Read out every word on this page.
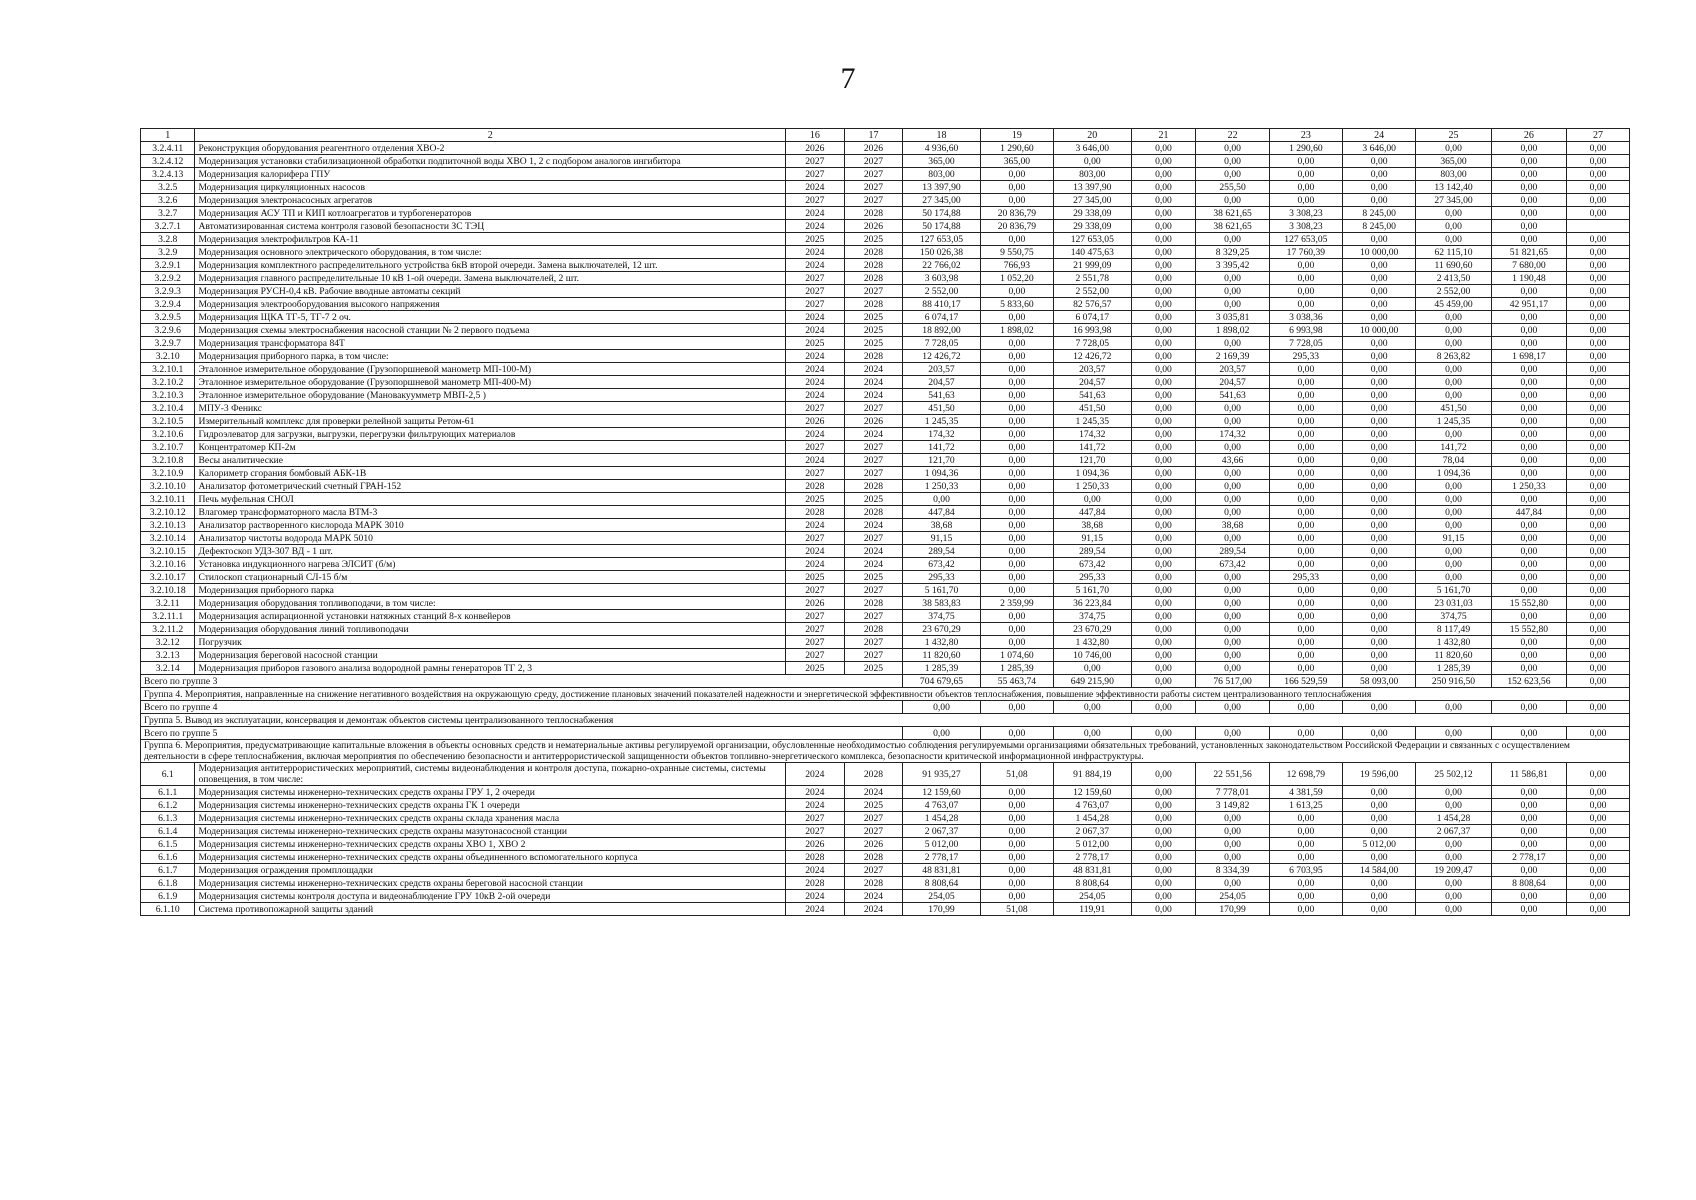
7
1	2	16	17	18	19	20	21	22	23	24	25	26	27
3.2.4.11	Реконструкция оборудования реагентного отделения ХВО-2	2026	2026	4 936,60	1 290,60	3 646,00	0,00	0,00	1 290,60	3 646,00	0,00	0,00	0,00
3.2.4.12	Модернизация установки стабилизационной обработки подпиточной воды ХВО 1, 2 с подбором аналогов ингибитора	2027	2027	365,00	365,00	0,00	0,00	0,00	0,00	0,00	365,00	0,00	0,00
3.2.4.13	Модернизация калорифера ГПУ	2027	2027	803,00	0,00	803,00	0,00	0,00	0,00	0,00	803,00	0,00	0,00
3.2.5	Модернизация циркуляционных насосов	2024	2027	13 397,90	0,00	13 397,90	0,00	255,50	0,00	0,00	13 142,40	0,00	0,00
3.2.6	Модернизация электронасосных агрегатов	2027	2027	27 345,00	0,00	27 345,00	0,00	0,00	0,00	0,00	27 345,00	0,00	0,00
3.2.7	Модернизация АСУ ТП и КИП котлоагрегатов и турбогенераторов	2024	2028	50 174,88	20 836,79	29 338,09	0,00	38 621,65	3 308,23	8 245,00	0,00	0,00	0,00
3.2.7.1	Автоматизированная система контроля газовой безопасности ЗС ТЭЦ	2024	2026	50 174,88	20 836,79	29 338,09	0,00	38 621,65	3 308,23	8 245,00	0,00	0,00	
3.2.8	Модернизация электрофильтров КА-11	2025	2025	127 653,05	0,00	127 653,05	0,00	0,00	127 653,05	0,00	0,00	0,00	0,00
3.2.9	Модернизация основного электрического оборудования, в том числе:	2024	2028	150 026,38	9 550,75	140 475,63	0,00	8 329,25	17 760,39	10 000,00	62 115,10	51 821,65	0,00
3.2.9.1	Модернизация комплектного распределительного устройства 6кВ второй очереди. Замена выключателей, 12 шт.	2024	2028	22 766,02	766,93	21 999,09	0,00	3 395,42	0,00	0,00	11 690,60	7 680,00	0,00
3.2.9.2	Модернизация главного распределительные 10 кВ 1-ой очереди. Замена выключателей, 2 шт.	2027	2028	3 603,98	1 052,20	2 551,78	0,00	0,00	0,00	0,00	2 413,50	1 190,48	0,00
3.2.9.3	Модернизация РУСН-0,4 кВ. Рабочие вводные автоматы секций	2027	2027	2 552,00	0,00	2 552,00	0,00	0,00	0,00	0,00	2 552,00	0,00	0,00
3.2.9.4	Модернизация электрооборудования высокого напряжения	2027	2028	88 410,17	5 833,60	82 576,57	0,00	0,00	0,00	0,00	45 459,00	42 951,17	0,00
3.2.9.5	Модернизация ЩКА ТГ-5, ТГ-7 2 оч.	2024	2025	6 074,17	0,00	6 074,17	0,00	3 035,81	3 038,36	0,00	0,00	0,00	0,00
3.2.9.6	Модернизация схемы электроснабжения насосной станции № 2 первого подъема	2024	2025	18 892,00	1 898,02	16 993,98	0,00	1 898,02	6 993,98	10 000,00	0,00	0,00	0,00
3.2.9.7	Модернизация трансформатора 84Т	2025	2025	7 728,05	0,00	7 728,05	0,00	0,00	7 728,05	0,00	0,00	0,00	0,00
3.2.10	Модернизация приборного парка, в том числе:	2024	2028	12 426,72	0,00	12 426,72	0,00	2 169,39	295,33	0,00	8 263,82	1 698,17	0,00
3.2.10.1	Эталонное измерительное оборудование (Грузопоршневой манометр МП-100-М)	2024	2024	203,57	0,00	203,57	0,00	203,57	0,00	0,00	0,00	0,00	0,00
3.2.10.2	Эталонное измерительное оборудование (Грузопоршневой манометр МП-400-М)	2024	2024	204,57	0,00	204,57	0,00	204,57	0,00	0,00	0,00	0,00	0,00
3.2.10.3	Эталонное измерительное оборудование (Мановакуумметр МВП-2,5 )	2024	2024	541,63	0,00	541,63	0,00	541,63	0,00	0,00	0,00	0,00	0,00
3.2.10.4	МПУ-3 Феникс	2027	2027	451,50	0,00	451,50	0,00	0,00	0,00	0,00	451,50	0,00	0,00
3.2.10.5	Измерительный комплекс для проверки релейной защиты Ретом-61	2026	2026	1 245,35	0,00	1 245,35	0,00	0,00	0,00	0,00	1 245,35	0,00	0,00
3.2.10.6	Гидроэлеватор для загрузки, выгрузки, перегрузки фильтрующих материалов	2024	2024	174,32	0,00	174,32	0,00	174,32	0,00	0,00	0,00	0,00	0,00
3.2.10.7	Концентратомер КП-2м	2027	2027	141,72	0,00	141,72	0,00	0,00	0,00	0,00	141,72	0,00	0,00
3.2.10.8	Весы аналитические	2024	2027	121,70	0,00	121,70	0,00	43,66	0,00	0,00	78,04	0,00	0,00
3.2.10.9	Калориметр сгорания бомбовый АБК-1В	2027	2027	1 094,36	0,00	1 094,36	0,00	0,00	0,00	0,00	1 094,36	0,00	0,00
3.2.10.10	Анализатор фотометрический счетный ГРАН-152	2028	2028	1 250,33	0,00	1 250,33	0,00	0,00	0,00	0,00	0,00	1 250,33	0,00
3.2.10.11	Печь муфельная СНОЛ	2025	2025	0,00	0,00	0,00	0,00	0,00	0,00	0,00	0,00	0,00	0,00
3.2.10.12	Влагомер трансформаторного масла ВТМ-3	2028	2028	447,84	0,00	447,84	0,00	0,00	0,00	0,00	0,00	447,84	0,00
3.2.10.13	Анализатор растворенного кислорода МАРК 3010	2024	2024	38,68	0,00	38,68	0,00	38,68	0,00	0,00	0,00	0,00	0,00
3.2.10.14	Анализатор чистоты водорода МАРК 5010	2027	2027	91,15	0,00	91,15	0,00	0,00	0,00	0,00	91,15	0,00	0,00
3.2.10.15	Дефектоскоп УДЗ-307 ВД - 1 шт.	2024	2024	289,54	0,00	289,54	0,00	289,54	0,00	0,00	0,00	0,00	0,00
3.2.10.16	Установка индукционного нагрева ЭЛСИТ (б/м)	2024	2024	673,42	0,00	673,42	0,00	673,42	0,00	0,00	0,00	0,00	0,00
3.2.10.17	Стилоскоп стационарный СЛ-15 б/м	2025	2025	295,33	0,00	295,33	0,00	0,00	295,33	0,00	0,00	0,00	0,00
3.2.10.18	Модернизация приборного парка	2027	2027	5 161,70	0,00	5 161,70	0,00	0,00	0,00	0,00	5 161,70	0,00	0,00
3.2.11	Модернизация оборудования топливоподачи, в том числе:	2026	2028	38 583,83	2 359,99	36 223,84	0,00	0,00	0,00	0,00	23 031,03	15 552,80	0,00
3.2.11.1	Модернизация аспирационной установки натяжных станций 8-х конвейеров	2027	2027	374,75	0,00	374,75	0,00	0,00	0,00	0,00	374,75	0,00	0,00
3.2.11.2	Модернизация оборудования линий топливоподачи	2027	2028	23 670,29	0,00	23 670,29	0,00	0,00	0,00	0,00	8 117,49	15 552,80	0,00
3.2.12	Погрузчик	2027	2027	1 432,80	0,00	1 432,80	0,00	0,00	0,00	0,00	1 432,80	0,00	0,00
3.2.13	Модернизация береговой насосной станции	2027	2027	11 820,60	1 074,60	10 746,00	0,00	0,00	0,00	0,00	11 820,60	0,00	0,00
3.2.14	Модернизация приборов газового анализа водородной рамны генераторов ТГ 2, 3	2025	2025	1 285,39	1 285,39	0,00	0,00	0,00	0,00	0,00	1 285,39	0,00	0,00
Всего по группе 3				704 679,65	55 463,74	649 215,90	0,00	76 517,00	166 529,59	58 093,00	250 916,50	152 623,56	0,00
Группа 4. Мероприятия, направленные на снижение негативного воздействия на окружающую среду, достижение плановых значений показателей надежности и энергетической эффективности объектов теплоснабжения, повышение эффективности работы систем централизованного теплоснабжения													
Всего по группе 4				0,00	0,00	0,00	0,00	0,00	0,00	0,00	0,00	0,00	0,00
Группа 5. Вывод из эксплуатации, консервация и демонтаж объектов системы централизованного теплоснабжения													
Всего по группе 5				0,00	0,00	0,00	0,00	0,00	0,00	0,00	0,00	0,00	0,00
Группа 6. Мероприятия, предусматривающие капитальные вложения в объекты основных средств и нематериальные активы регулируемой организации, обусловленные необходимостью соблюдения регулируемыми организациями обязательных требований, установленных законодательством Российской Федерации и связанных с осуществлением деятельности в сфере теплоснабжения, включая мероприятия по обеспечению безопасности и антитеррористической защищенности объектов топливно-энергетического комплекса, безопасности критической информационной инфраструктуры.													
6.1	Модернизация антитеррористических мероприятий, системы видеонаблюдения и контроля доступа, пожарно-охранные системы, системы оповещения, в том числе:	2024	2028	91 935,27	51,08	91 884,19	0,00	22 551,56	12 698,79	19 596,00	25 502,12	11 586,81	0,00
6.1.1	Модернизация системы инженерно-технических средств охраны ГРУ 1, 2 очереди	2024	2024	12 159,60	0,00	12 159,60	0,00	7 778,01	4 381,59	0,00	0,00	0,00	0,00
6.1.2	Модернизация системы инженерно-технических средств охраны ГК 1 очереди	2024	2025	4 763,07	0,00	4 763,07	0,00	3 149,82	1 613,25	0,00	0,00	0,00	0,00
6.1.3	Модернизация системы инженерно-технических средств охраны склада хранения масла	2027	2027	1 454,28	0,00	1 454,28	0,00	0,00	0,00	0,00	1 454,28	0,00	0,00
6.1.4	Модернизация системы инженерно-технических средств охраны мазутонасосной станции	2027	2027	2 067,37	0,00	2 067,37	0,00	0,00	0,00	0,00	2 067,37	0,00	0,00
6.1.5	Модернизация системы инженерно-технических средств охраны ХВО 1, ХВО 2	2026	2026	5 012,00	0,00	5 012,00	0,00	0,00	0,00	5 012,00	0,00	0,00	0,00
6.1.6	Модернизация системы инженерно-технических средств охраны объединенного вспомогательного корпуса	2028	2028	2 778,17	0,00	2 778,17	0,00	0,00	0,00	0,00	0,00	2 778,17	0,00
6.1.7	Модернизация ограждения промплощадки	2024	2027	48 831,81	0,00	48 831,81	0,00	8 334,39	6 703,95	14 584,00	19 209,47	0,00	0,00
6.1.8	Модернизация системы инженерно-технических средств охраны береговой насосной станции	2028	2028	8 808,64	0,00	8 808,64	0,00	0,00	0,00	0,00	0,00	8 808,64	0,00
6.1.9	Модернизация системы контроля доступа и видеонаблюдение ГРУ 10кВ 2-ой очереди	2024	2024	254,05	0,00	254,05	0,00	254,05	0,00	0,00	0,00	0,00	0,00
6.1.10	Система противопожарной защиты зданий	2024	2024	170,99	51,08	119,91	0,00	170,99	0,00	0,00	0,00	0,00	0,00
